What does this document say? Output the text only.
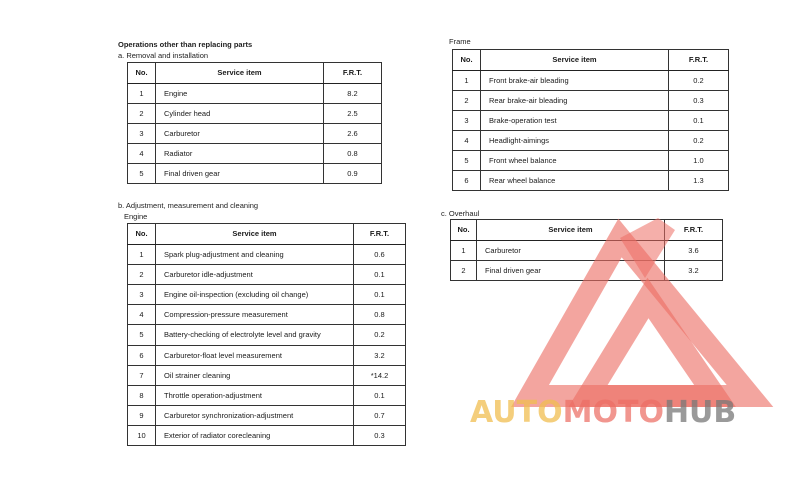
Operations other than replacing parts
a. Removal and installation
No.	Service item	F.R.T.
1	Engine	8.2
2	Cylinder head	2.5
3	Carburetor	2.6
4	Radiator	0.8
5	Final driven gear	0.9
b. Adjustment, measurement and cleaning
Engine
No.	Service item	F.R.T.
1	Spark plug-adjustment and cleaning	0.6
2	Carburetor idle-adjustment	0.1
3	Engine oil-inspection (excluding oil change)	0.1
4	Compression-pressure measurement	0.8
5	Battery-checking of electrolyte level and gravity	0.2
6	Carburetor-float level measurement	3.2
7	Oil strainer cleaning	*14.2
8	Throttle operation-adjustment	0.1
9	Carburetor synchronization-adjustment	0.7
10	Exterior of radiator corecleaning	0.3
Frame
No.	Service item	F.R.T.
1	Front brake-air bleading	0.2
2	Rear brake-air bleading	0.3
3	Brake-operation test	0.1
4	Headlight-aimings	0.2
5	Front wheel balance	1.0
6	Rear wheel balance	1.3
c. Overhaul
No.	Service item	F.R.T.
1	Carburetor	3.6
2	Final driven gear	3.2
AUTOMOTOHUB
